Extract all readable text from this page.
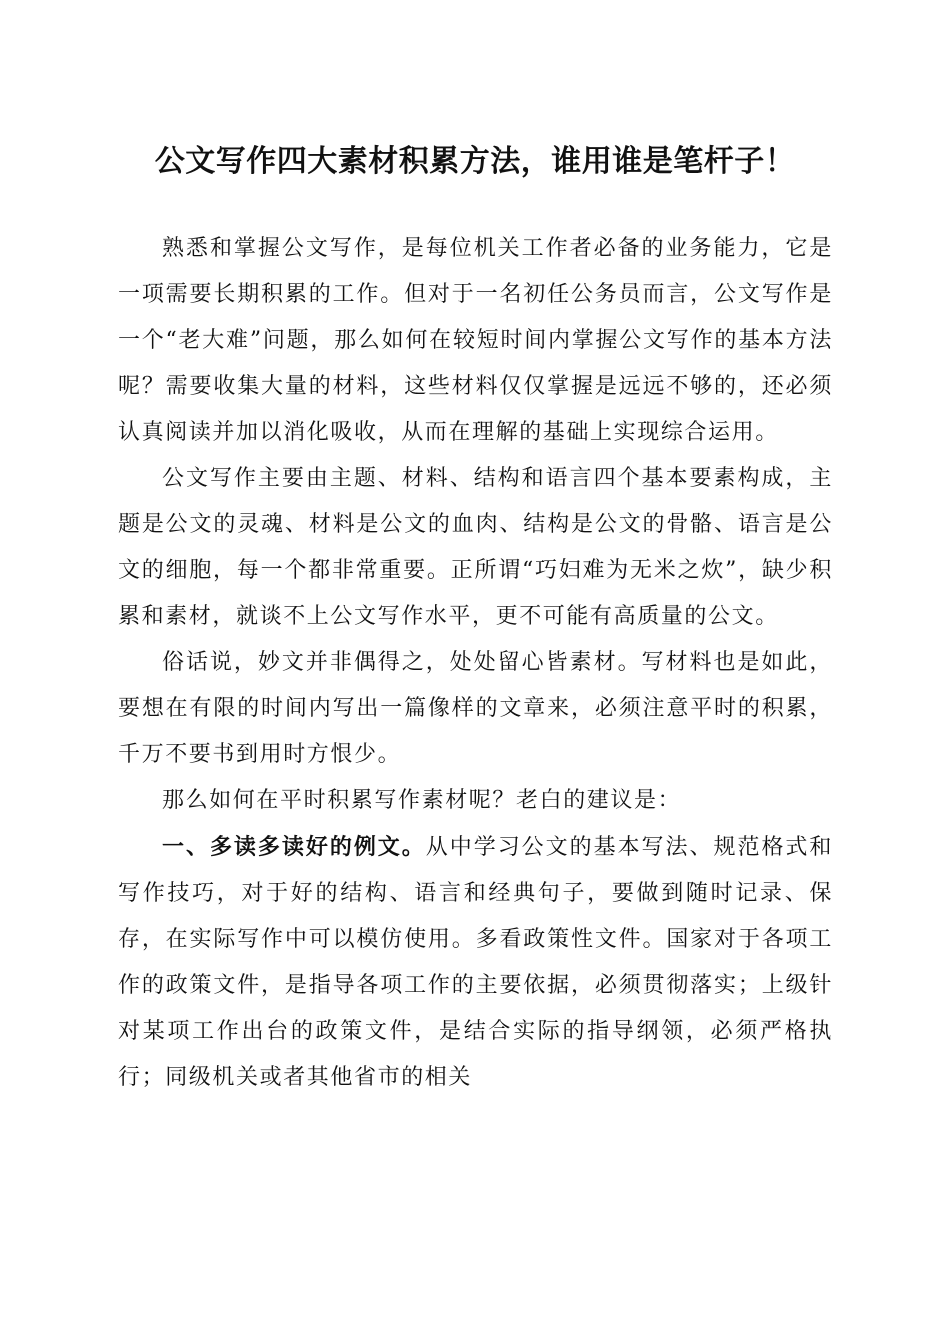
公文写作四大素材积累方法，谁用谁是笔杆子！

熟悉和掌握公文写作，是每位机关工作者必备的业务能力，它是一项需要长期积累的工作。但对于一名初任公务员而言，公文写作是一个“老大难”问题，那么如何在较短时间内掌握公文写作的基本方法呢？需要收集大量的材料，这些材料仅仅掌握是远远不够的，还必须认真阅读并加以消化吸收，从而在理解的基础上实现综合运用。

公文写作主要由主题、材料、结构和语言四个基本要素构成，主题是公文的灵魂、材料是公文的血肉、结构是公文的骨骼、语言是公文的细胞，每一个都非常重要。正所谓“巧妇难为无米之炊”，缺少积累和素材，就谈不上公文写作水平，更不可能有高质量的公文。

俗话说，妙文并非偶得之，处处留心皆素材。写材料也是如此，要想在有限的时间内写出一篇像样的文章来，必须注意平时的积累，千万不要书到用时方恨少。

那么如何在平时积累写作素材呢？老白的建议是：

一、多读多读好的例文。从中学习公文的基本写法、规范格式和写作技巧，对于好的结构、语言和经典句子，要做到随时记录、保存，在实际写作中可以模仿使用。多看政策性文件。国家对于各项工作的政策文件，是指导各项工作的主要依据，必须贯彻落实；上级针对某项工作出台的政策文件，是结合实际的指导纲领，必须严格执行；同级机关或者其他省市的相关
